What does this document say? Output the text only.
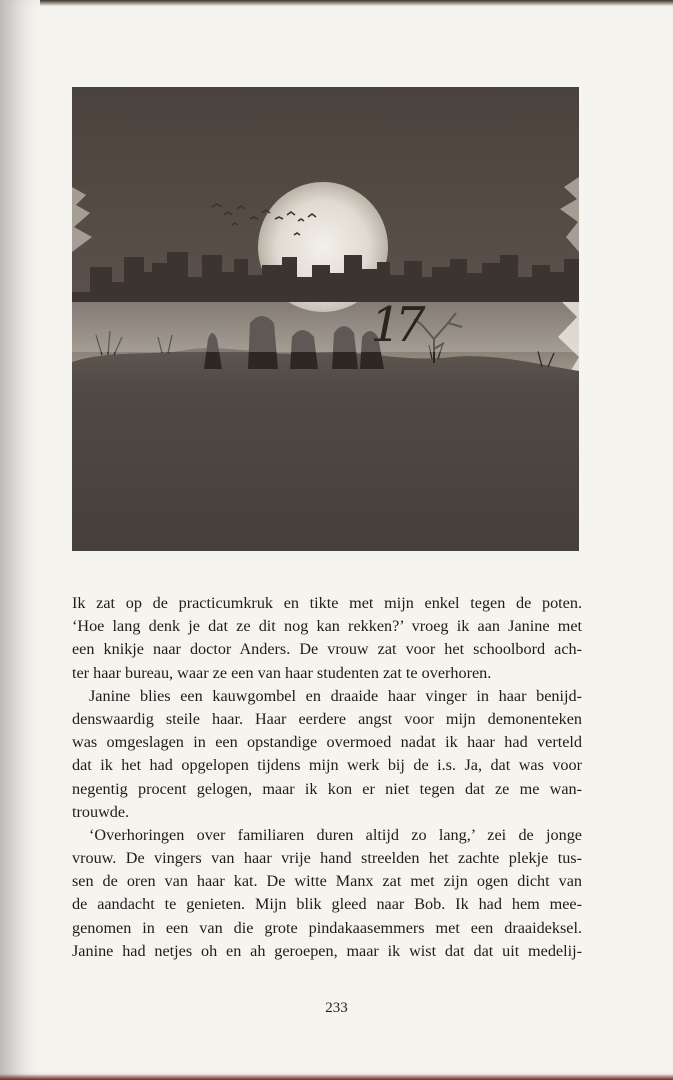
17
Ik zat op de practicumkruk en tikte met mijn enkel tegen de poten.
‘Hoe lang denk je dat ze dit nog kan rekken?’ vroeg ik aan Janine met
een knikje naar doctor Anders. De vrouw zat voor het schoolbord ach-
ter haar bureau, waar ze een van haar studenten zat te overhoren.
Janine blies een kauwgombel en draaide haar vinger in haar benijd-
denswaardig steile haar. Haar eerdere angst voor mijn demonenteken
was omgeslagen in een opstandige overmoed nadat ik haar had verteld
dat ik het had opgelopen tijdens mijn werk bij de i.s. Ja, dat was voor
negentig procent gelogen, maar ik kon er niet tegen dat ze me wan-
trouwde.
‘Overhoringen over familiaren duren altijd zo lang,’ zei de jonge
vrouw. De vingers van haar vrije hand streelden het zachte plekje tus-
sen de oren van haar kat. De witte Manx zat met zijn ogen dicht van
de aandacht te genieten. Mijn blik gleed naar Bob. Ik had hem mee-
genomen in een van die grote pindakaasemmers met een draaideksel.
Janine had netjes oh en ah geroepen, maar ik wist dat dat uit medelij-
233
